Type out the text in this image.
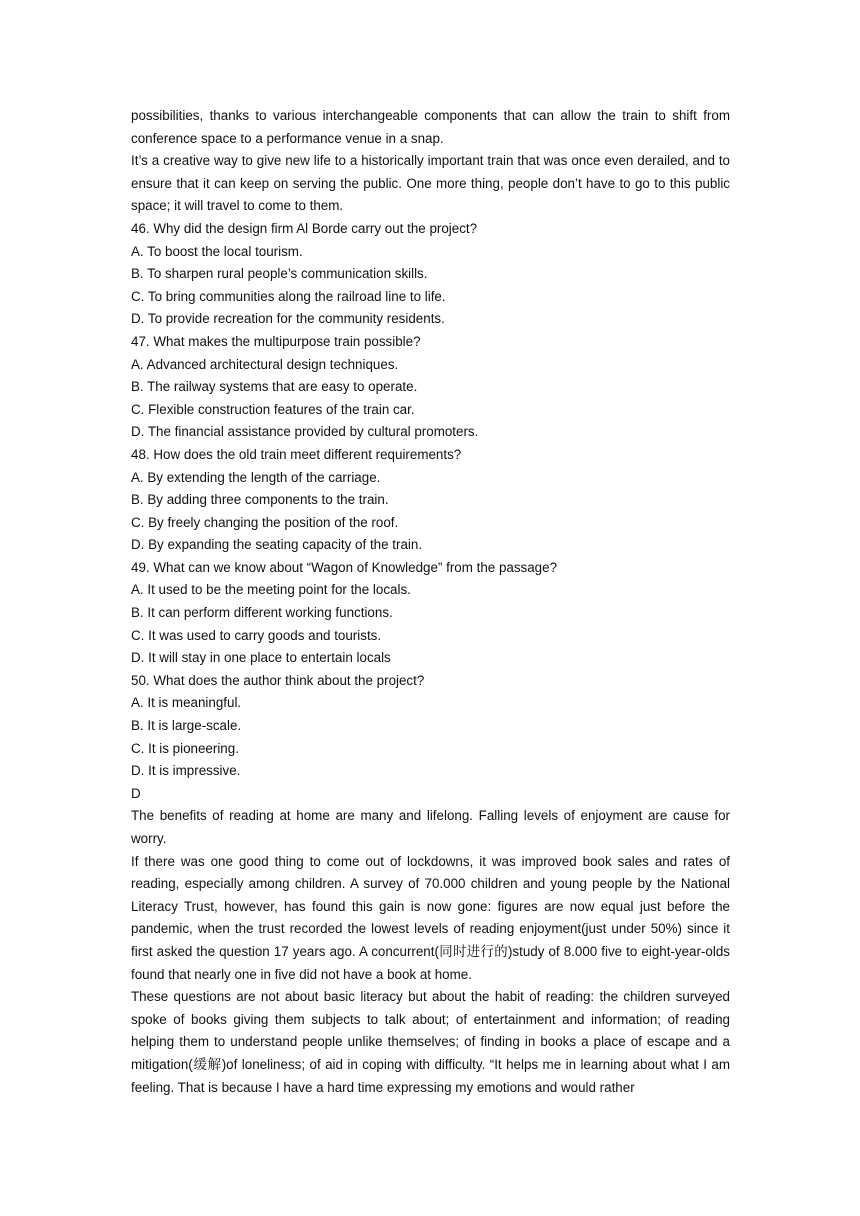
possibilities, thanks to various interchangeable components that can allow the train to shift from conference space to a performance venue in a snap.

It’s a creative way to give new life to a historically important train that was once even derailed, and to ensure that it can keep on serving the public. One more thing, people don’t have to go to this public space; it will travel to come to them.

46. Why did the design firm Al Borde carry out the project?

A. To boost the local tourism.

B. To sharpen rural people’s communication skills.

C. To bring communities along the railroad line to life.

D. To provide recreation for the community residents.

47. What makes the multipurpose train possible?

A. Advanced architectural design techniques.

B. The railway systems that are easy to operate.

C. Flexible construction features of the train car.

D. The financial assistance provided by cultural promoters.

48. How does the old train meet different requirements?

A. By extending the length of the carriage.

B. By adding three components to the train.

C. By freely changing the position of the roof.

D. By expanding the seating capacity of the train.

49. What can we know about “Wagon of Knowledge” from the passage?

A. It used to be the meeting point for the locals.

B. It can perform different working functions.

C. It was used to carry goods and tourists.

D. It will stay in one place to entertain locals

50. What does the author think about the project?

A. It is meaningful.

B. It is large-scale.

C. It is pioneering.

D. It is impressive.

D

The benefits of reading at home are many and lifelong. Falling levels of enjoyment are cause for worry.

If there was one good thing to come out of lockdowns, it was improved book sales and rates of reading, especially among children. A survey of 70.000 children and young people by the National Literacy Trust, however, has found this gain is now gone: figures are now equal just before the pandemic, when the trust recorded the lowest levels of reading enjoyment(just under 50%) since it first asked the question 17 years ago. A concurrent(同时进行的)study of 8.000 five to eight-year-olds found that nearly one in five did not have a book at home.

These questions are not about basic literacy but about the habit of reading: the children surveyed spoke of books giving them subjects to talk about; of entertainment and information; of reading helping them to understand people unlike themselves; of finding in books a place of escape and a mitigation(缓解)of loneliness; of aid in coping with difficulty. “It helps me in learning about what I am feeling. That is because I have a hard time expressing my emotions and would rather
